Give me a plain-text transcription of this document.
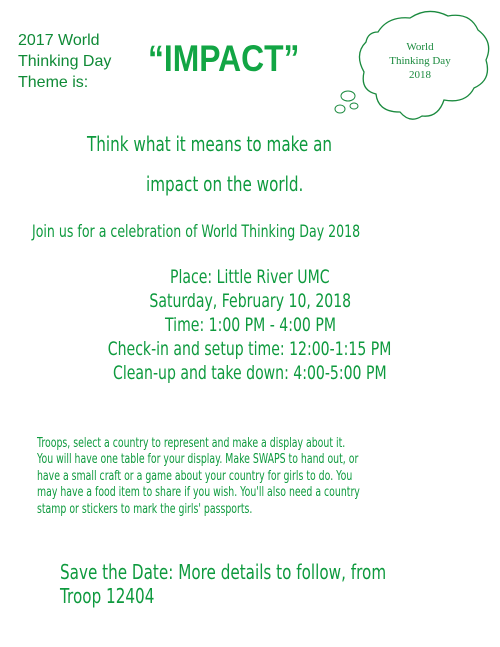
2017 World
Thinking Day
Theme is:
“IMPACT”	World
Thinking Day
2018
Think what it means to make an
impact on the world.
Join us for a celebration of World Thinking Day 2018
Place: Little River UMC
Saturday, February 10, 2018
Time: 1:00 PM - 4:00 PM
Check-in and setup time: 12:00-1:15 PM
Clean-up and take down: 4:00-5:00 PM
Troops, select a country to represent and make a display about it.
You will have one table for your display. Make SWAPS to hand out, or
have a small craft or a game about your country for girls to do. You
may have a food item to share if you wish. You'll also need a country
stamp or stickers to mark the girls' passports.
Save the Date: More details to follow, from
Troop 12404
